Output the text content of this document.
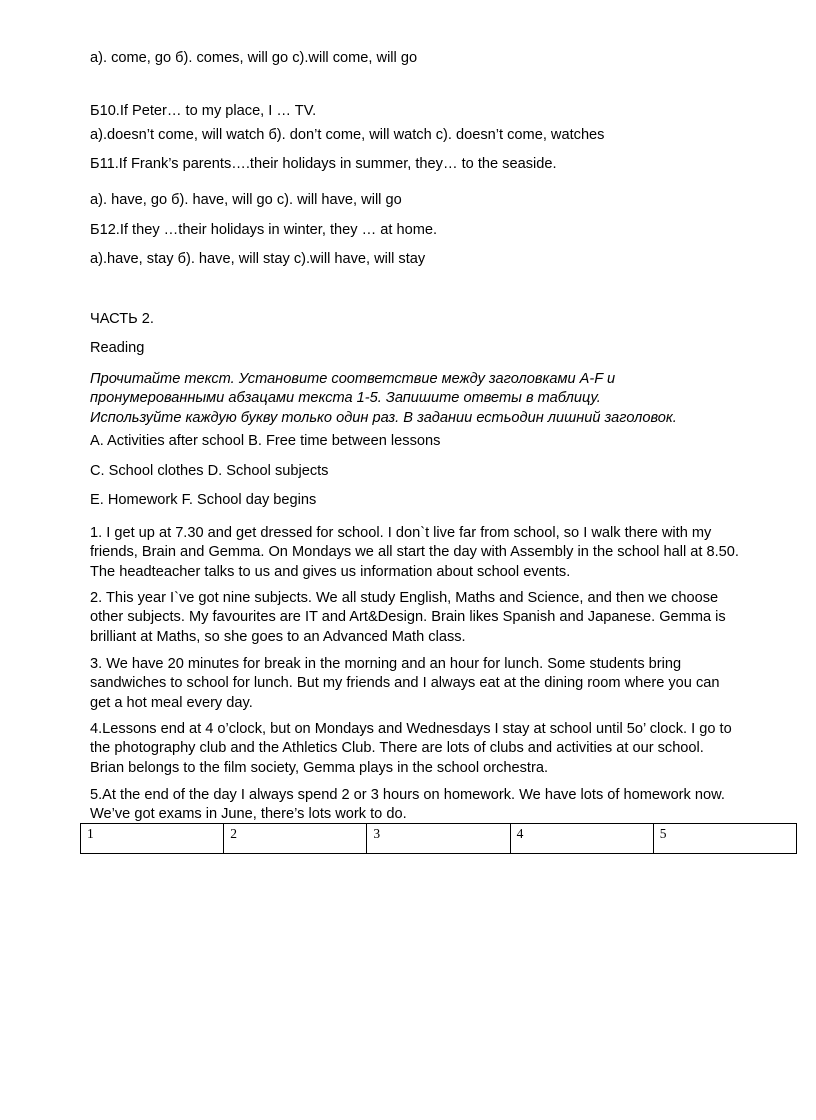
а). come, go б). comes, will go с).will come, will go
Б10.If Peter… to my place, I … TV.
а).doesn’t come, will watch б). don’t come, will watch с). doesn’t come, watches
Б11.If Frank’s parents….their holidays in summer, they… to the seaside.
а). have, go б). have, will go с). will have, will go
Б12.If they …their holidays in winter, they … at home.
а).have, stay б). have, will stay с).will have, will stay
ЧАСТЬ 2.
Reading
Прочитайте текст. Установите соответствие между заголовками A-F и
пронумерованными абзацами текста 1-5. Запишите ответы в таблицу.
Используйте каждую букву только один раз. В задании естьодин лишний заголовок.
A. Activities after school B. Free time between lessons
C. School clothes D. School subjects
E. Homework F. School day begins
1. I get up at 7.30 and get dressed for school. I don`t live far from school, so I walk there with my
friends, Brain and Gemma. On Mondays we all start the day with Assembly in the school hall at 8.50.
The headteacher talks to us and gives us information about school events.
2. This year I`ve got nine subjects. We all study English, Maths and Science, and then we choose
other subjects. My favourites are IT and Art&Design. Brain likes Spanish and Japanese. Gemma is
brilliant at Maths, so she goes to an Advanced Math class.
3. We have 20 minutes for break in the morning and an hour for lunch. Some students bring
sandwiches to school for lunch. But my friends and I always eat at the dining room where you can
get a hot meal every day.
4.Lessons end at 4 o’clock, but on Mondays and Wednesdays I stay at school until 5o’ clock. I go to
the photography club and the Athletics Club. There are lots of clubs and activities at our school.
Brian belongs to the film society, Gemma plays in the school orchestra.
5.At the end of the day I always spend 2 or 3 hours on homework. We have lots of homework now.
We’ve got exams in June, there’s lots work to do.
1	2	3	4	5
